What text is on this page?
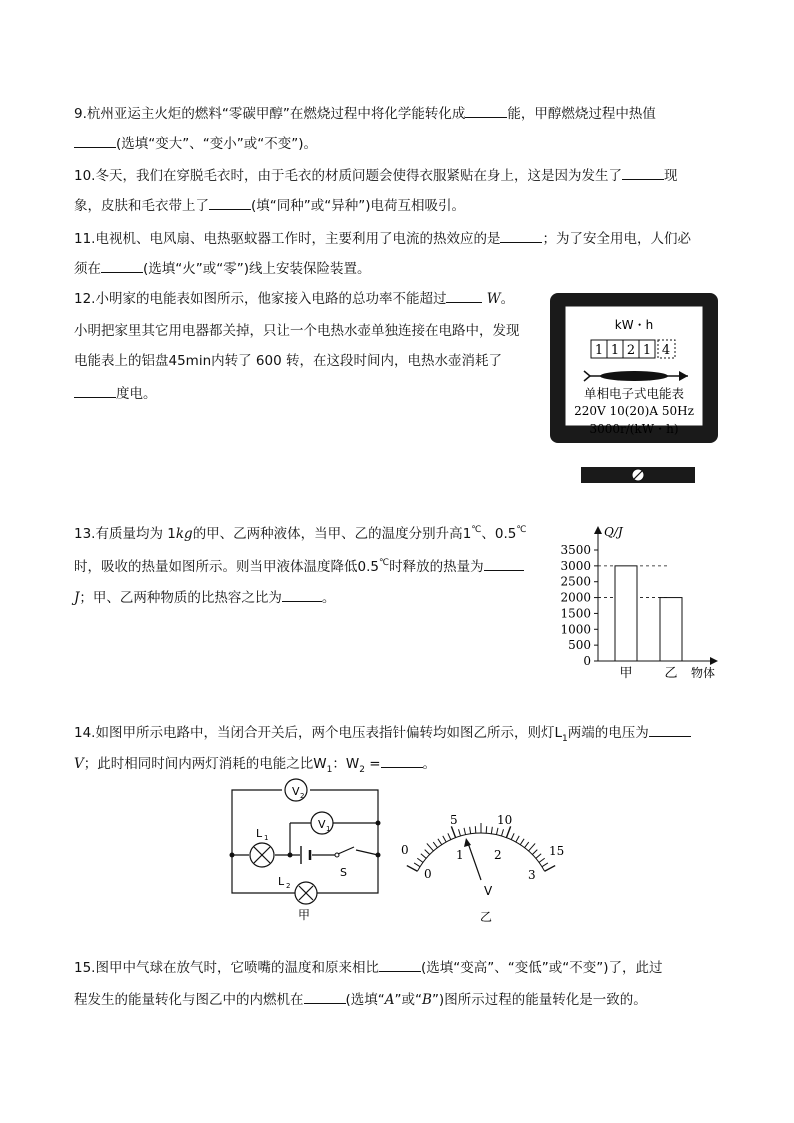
9.杭州亚运主火炬的燃料“零碳甲醇”在燃烧过程中将化学能转化成	能，甲醇燃烧过程中热值
(选填“变大”、“变小”或“不变”)。
10.冬天，我们在穿脱毛衣时，由于毛衣的材质问题会使得衣服紧贴在身上，这是因为发生了	现
象，皮肤和毛衣带上了	(填“同种”或“异种”)电荷互相吸引。
11.电视机、电风扇、电热驱蚊器工作时，主要利用了电流的热效应的是	；为了安全用电，人们必
须在	(选填“火”或“零”)线上安装保险装置。
12.小明家的电能表如图所示，他家接入电路的总功率不能超过	W。
小明把家里其它用电器都关掉，只让一个电热水壶单独连接在电路中，发现
电能表上的铝盘45min内转了 600 转，在这段时间内，电热水壶消耗了
度电。
kW・h
1 1 2 1 4
单相电子式电能表
220V 10(20)A 50Hz
3000r/(kW・h)
13.有质量均为 1kg的甲、乙两种液体，当甲、乙的温度分别升高1℃、0.5℃
时，吸收的热量如图所示。则当甲液体温度降低0.5℃时释放的热量为
J；甲、乙两种物质的比热容之比为	。
0
500
1000
1500
2000
2500
3000
3500
甲 乙
Q/J
物体
14.如图甲所示电路中，当闭合开关后，两个电压表指针偏转均如图乙所示，则灯$L_1$两端的电压为
V；此时相同时间内两灯消耗的电能之比$W_1$：$W_2$ =	。
V 2
V 1
L 1
S
L 2
甲
0
5	10
15
0
1	2
3
V
乙
15.图甲中气球在放气时，它喷嘴的温度和原来相比	(选填“变高”、“变低”或“不变”)了，此过
程发生的能量转化与图乙中的内燃机在	(选填“A”或“B”)图所示过程的能量转化是一致的。
